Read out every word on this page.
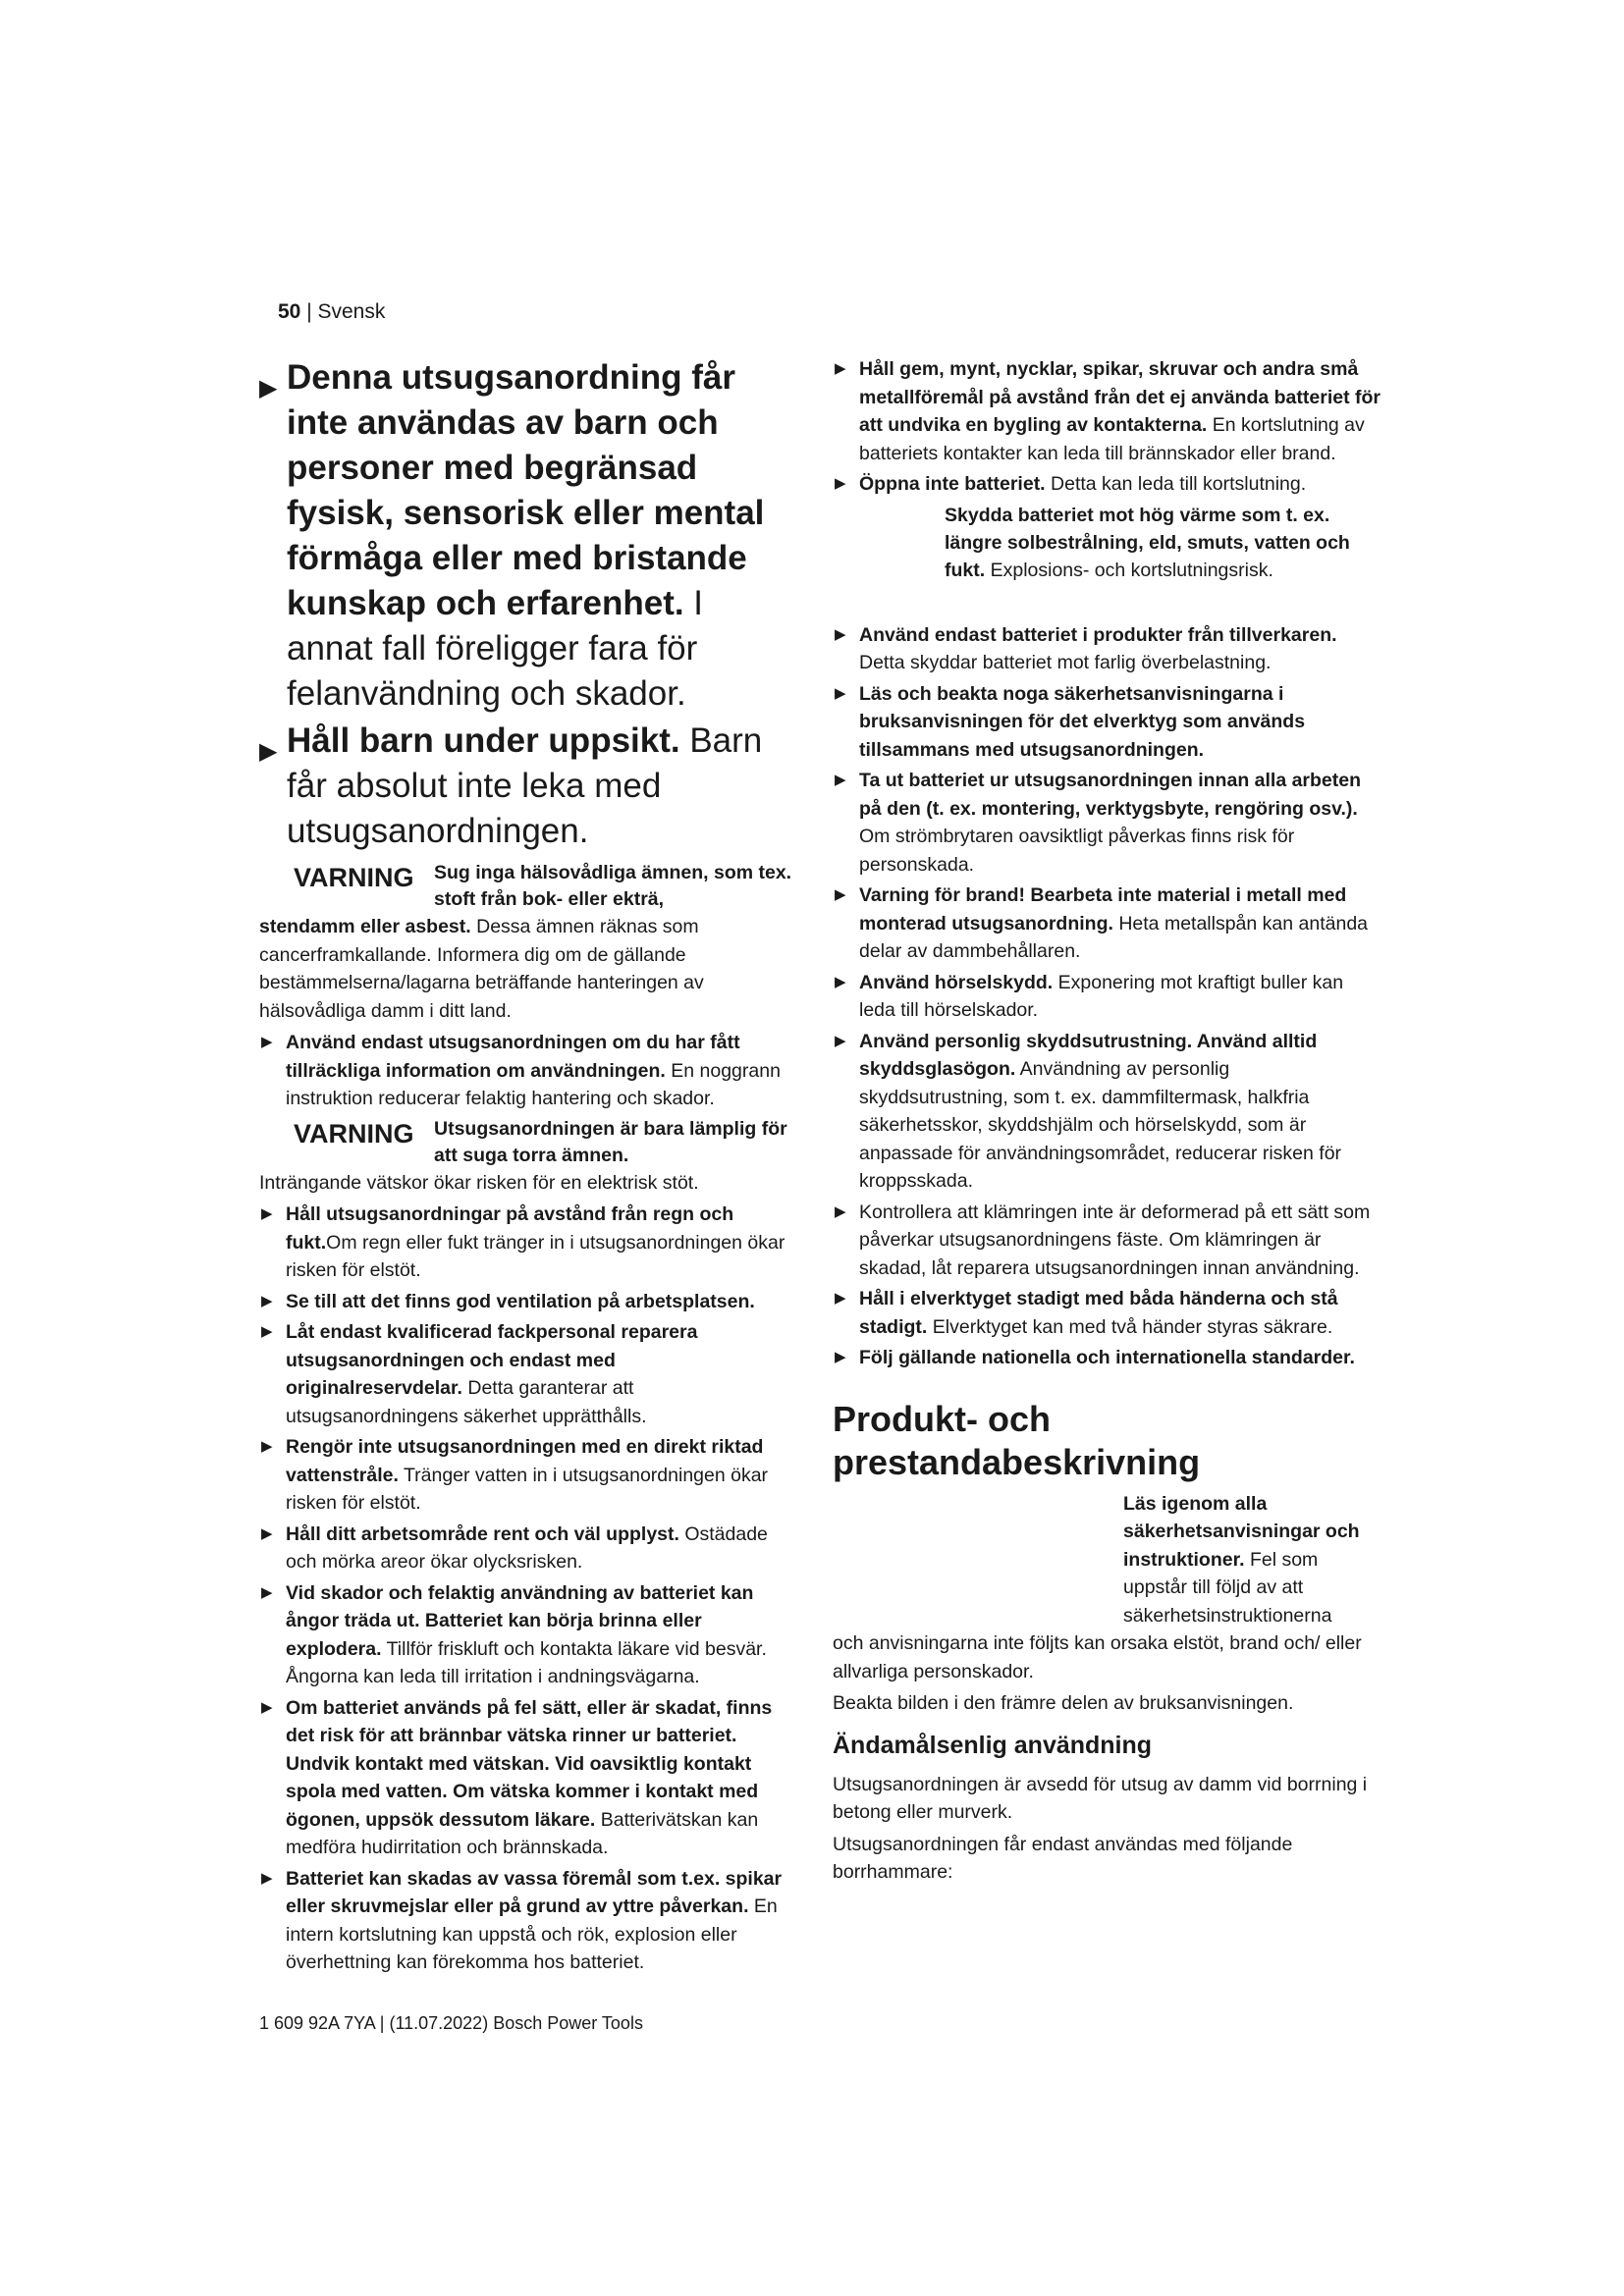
50 | Svensk
▶ Denna utsugsanordning får inte användas av barn och personer med begränsad fysisk, sensorisk eller mental förmåga eller med bristande kunskap och erfarenhet. I annat fall föreligger fara för felanvändning och skador.
▶ Håll barn under uppsikt. Barn får absolut inte leka med utsugsanordningen.
VARNING	Sug inga hälsovådliga ämnen, som tex. stoft från bok- eller ekträ,
stendamm eller asbest. Dessa ämnen räknas som cancerframkallande. Informera dig om de gällande bestämmelserna/lagarna beträffande hanteringen av hälsovådliga damm i ditt land.
▶ Använd endast utsugsanordningen om du har fått tillräckliga information om användningen. En noggrann instruktion reducerar felaktig hantering och skador.
VARNING	Utsugsanordningen är bara lämplig för att suga torra ämnen.
Inträngande vätskor ökar risken för en elektrisk stöt.
▶ Håll utsugsanordningar på avstånd från regn och fukt.Om regn eller fukt tränger in i utsugsanordningen ökar risken för elstöt.
▶ Se till att det finns god ventilation på arbetsplatsen.
▶ Låt endast kvalificerad fackpersonal reparera utsugsanordningen och endast med originalreservdelar. Detta garanterar att utsugsanordningens säkerhet upprätthålls.
▶ Rengör inte utsugsanordningen med en direkt riktad vattenstråle. Tränger vatten in i utsugsanordningen ökar risken för elstöt.
▶ Håll ditt arbetsområde rent och väl upplyst. Ostädade och mörka areor ökar olycksrisken.
▶ Vid skador och felaktig användning av batteriet kan ångor träda ut. Batteriet kan börja brinna eller explodera. Tillför friskluft och kontakta läkare vid besvär. Ångorna kan leda till irritation i andningsvägarna.
▶ Om batteriet används på fel sätt, eller är skadat, finns det risk för att brännbar vätska rinner ur batteriet. Undvik kontakt med vätskan. Vid oavsiktlig kontakt spola med vatten. Om vätska kommer i kontakt med ögonen, uppsök dessutom läkare. Batterivätskan kan medföra hudirritation och brännskada.
▶ Batteriet kan skadas av vassa föremål som t.ex. spikar eller skruvmejslar eller på grund av yttre påverkan. En intern kortslutning kan uppstå och rök, explosion eller överhettning kan förekomma hos batteriet.
▶ Håll gem, mynt, nycklar, spikar, skruvar och andra små metallföremål på avstånd från det ej använda batteriet för att undvika en bygling av kontakterna. En kortslutning av batteriets kontakter kan leda till brännskador eller brand.
▶ Öppna inte batteriet. Detta kan leda till kortslutning.
Skydda batteriet mot hög värme som t. ex. längre solbestrålning, eld, smuts, vatten och fukt. Explosions- och kortslutningsrisk.
▶ Använd endast batteriet i produkter från tillverkaren. Detta skyddar batteriet mot farlig överbelastning.
▶ Läs och beakta noga säkerhetsanvisningarna i bruksanvisningen för det elverktyg som används tillsammans med utsugsanordningen.
▶ Ta ut batteriet ur utsugsanordningen innan alla arbeten på den (t. ex. montering, verktygsbyte, rengöring osv.). Om strömbrytaren oavsiktligt påverkas finns risk för personskada.
▶ Varning för brand! Bearbeta inte material i metall med monterad utsugsanordning. Heta metallspån kan antända delar av dammbehållaren.
▶ Använd hörselskydd. Exponering mot kraftigt buller kan leda till hörselskador.
▶ Använd personlig skyddsutrustning. Använd alltid skyddsglasögon. Användning av personlig skyddsutrustning, som t. ex. dammfiltermask, halkfria säkerhetsskor, skyddshjälm och hörselskydd, som är anpassade för användningsområdet, reducerar risken för kroppsskada.
▶ Kontrollera att klämringen inte är deformerad på ett sätt som påverkar utsugsanordningens fäste. Om klämringen är skadad, låt reparera utsugsanordningen innan användning.
▶ Håll i elverktyget stadigt med båda händerna och stå stadigt. Elverktyget kan med två händer styras säkrare.
▶ Följ gällande nationella och internationella standarder.
Produkt- och prestandabeskrivning
Läs igenom alla säkerhetsanvisningar och instruktioner. Fel som uppstår till följd av att säkerhetsinstruktionerna
och anvisningarna inte följts kan orsaka elstöt, brand och/ eller allvarliga personskador.
Beakta bilden i den främre delen av bruksanvisningen.
Ändamålsenlig användning
Utsugsanordningen är avsedd för utsug av damm vid borrning i betong eller murverk.
Utsugsanordningen får endast användas med följande borrhammare:
1 609 92A 7YA | (11.07.2022) Bosch Power Tools
